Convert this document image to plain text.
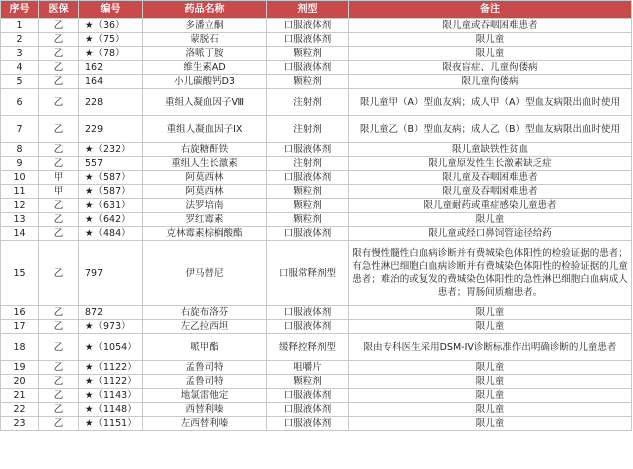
序号	医保	编号	药品名称	剂型	备注
1	乙	★（36）	多潘立酮	口服液体剂	限儿童或吞咽困难患者
2	乙	★（75）	蒙脱石	口服液体剂	限儿童
3	乙	★（78）	洛哌丁胺	颗粒剂	限儿童
4	乙	162	维生素AD	口服液体剂	限夜盲症、儿童佝偻病
5	乙	164	小儿碳酸钙D3	颗粒剂	限儿童佝偻病
6	乙	228	重组人凝血因子Ⅷ	注射剂	限儿童甲（A）型血友病；成人甲（A）型血友病限出血时使用
7	乙	229	重组人凝血因子IX	注射剂	限儿童乙（B）型血友病；成人乙（B）型血友病限出血时使用
8	乙	★（232）	右旋糖酐铁	口服液体剂	限儿童缺铁性贫血
9	乙	557	重组人生长激素	注射剂	限儿童原发性生长激素缺乏症
10	甲	★（587）	阿莫西林	口服液体剂	限儿童及吞咽困难患者
11	甲	★（587）	阿莫西林	颗粒剂	限儿童及吞咽困难患者
12	乙	★（631）	法罗培南	颗粒剂	限儿童耐药或重症感染儿童患者
13	乙	★（642）	罗红霉素	颗粒剂	限儿童
14	乙	★（484）	克林霉素棕榈酸酯	口服液体剂	限儿童或经口鼻饲管途径给药
15	乙	797	伊马替尼	口服常释剂型	限有慢性髓性白血病诊断并有费城染色体阳性的检验证据的患者；有急性淋巴细胞白血病诊断并有费城染色体阳性的检验证据的儿童患者；难治的或复发的费城染色体阳性的急性淋巴细胞白血病成人患者；胃肠间质瘤患者。
16	乙	872	右旋布洛芬	口服液体剂	限儿童
17	乙	★（973）	左乙拉西坦	口服液体剂	限儿童
18	乙	★（1054）	哌甲酯	缓释控释剂型	限由专科医生采用DSM-IV诊断标准作出明确诊断的儿童患者
19	乙	★（1122）	孟鲁司特	咀嚼片	限儿童
20	乙	★（1122）	孟鲁司特	颗粒剂	限儿童
21	乙	★（1143）	地氯雷他定	口服液体剂	限儿童
22	乙	★（1148）	西替利嗪	口服液体剂	限儿童
23	乙	★（1151）	左西替利嗪	口服液体剂	限儿童
